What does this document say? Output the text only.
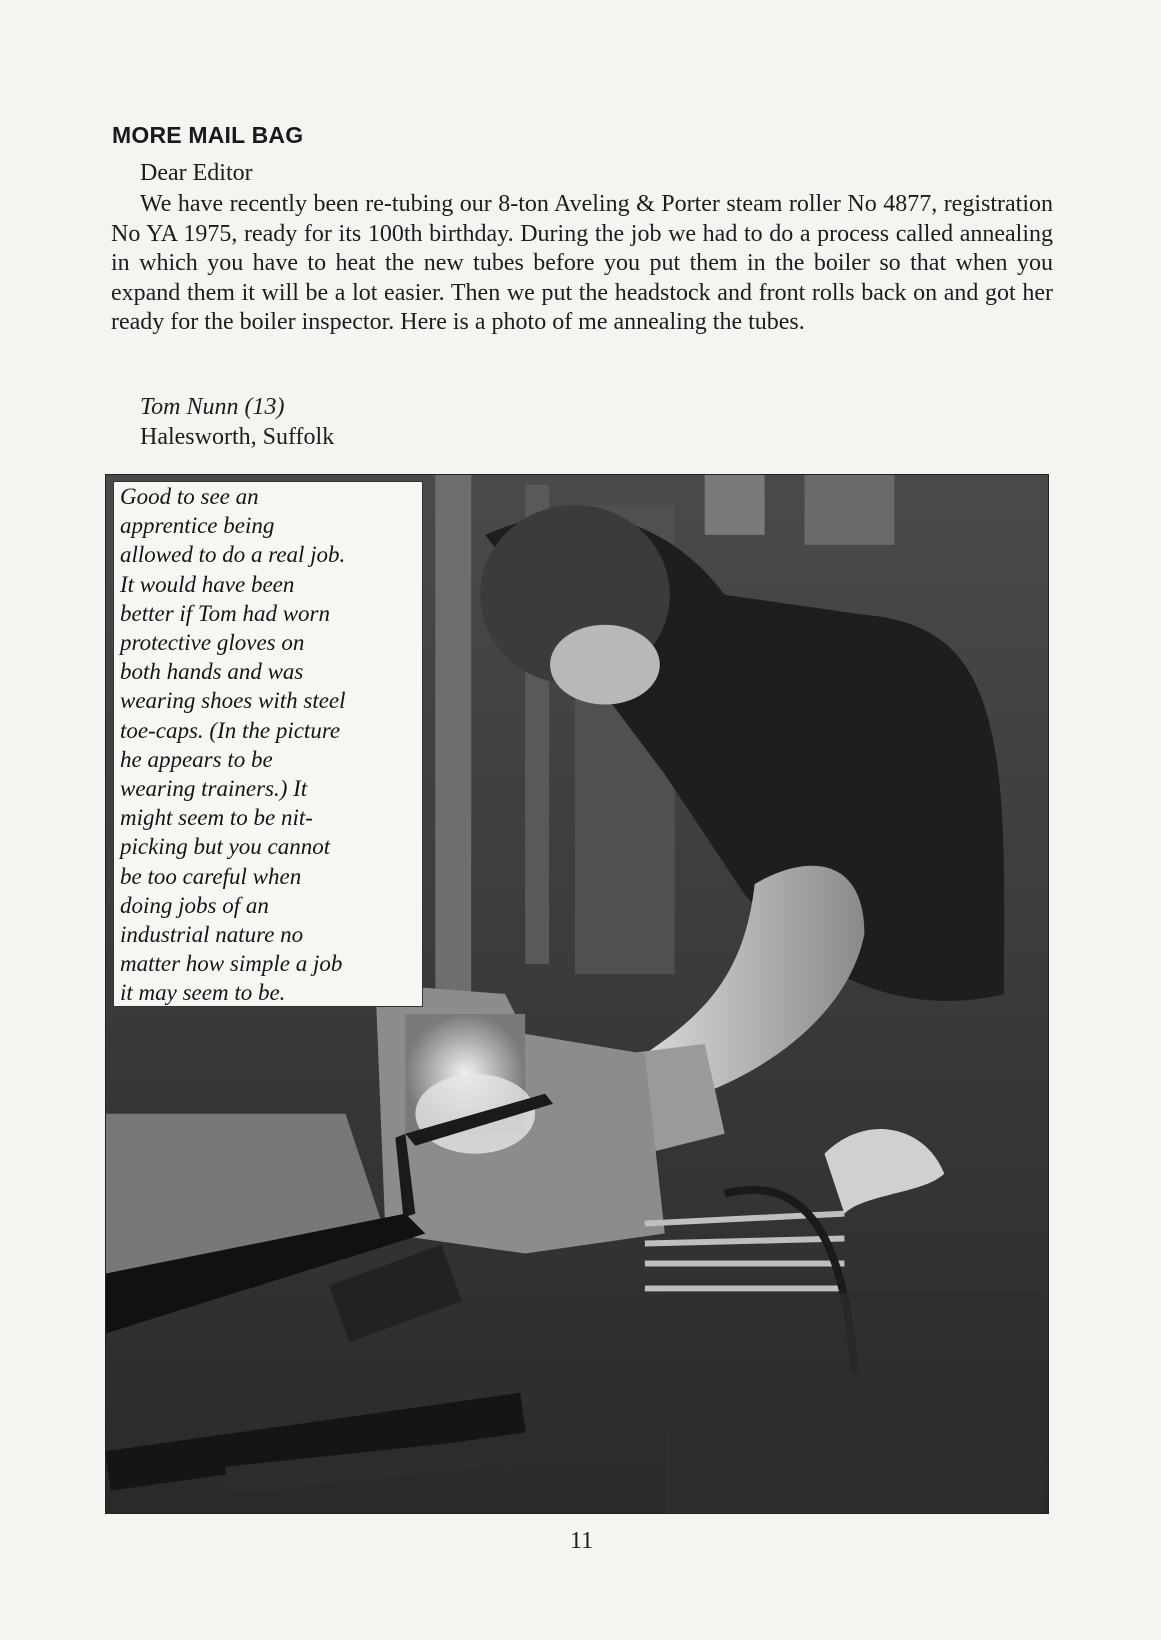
MORE MAIL BAG
Dear Editor

We have recently been re-tubing our 8-ton Aveling & Porter steam roller No 4877, registration No YA 1975, ready for its 100th birthday. During the job we had to do a process called annealing in which you have to heat the new tubes before you put them in the boiler so that when you expand them it will be a lot easier. Then we put the headstock and front rolls back on and got her ready for the boiler inspector. Here is a photo of me annealing the tubes.

Tom Nunn (13)
Halesworth, Suffolk
Good to see an
apprentice being
allowed to do a real job.
It would have been
better if Tom had worn
protective gloves on
both hands and was
wearing shoes with steel
toe-caps. (In the picture
he appears to be
wearing trainers.) It
might seem to be nit-
picking but you cannot
be too careful when
doing jobs of an
industrial nature no
matter how simple a job
it may seem to be.
11
